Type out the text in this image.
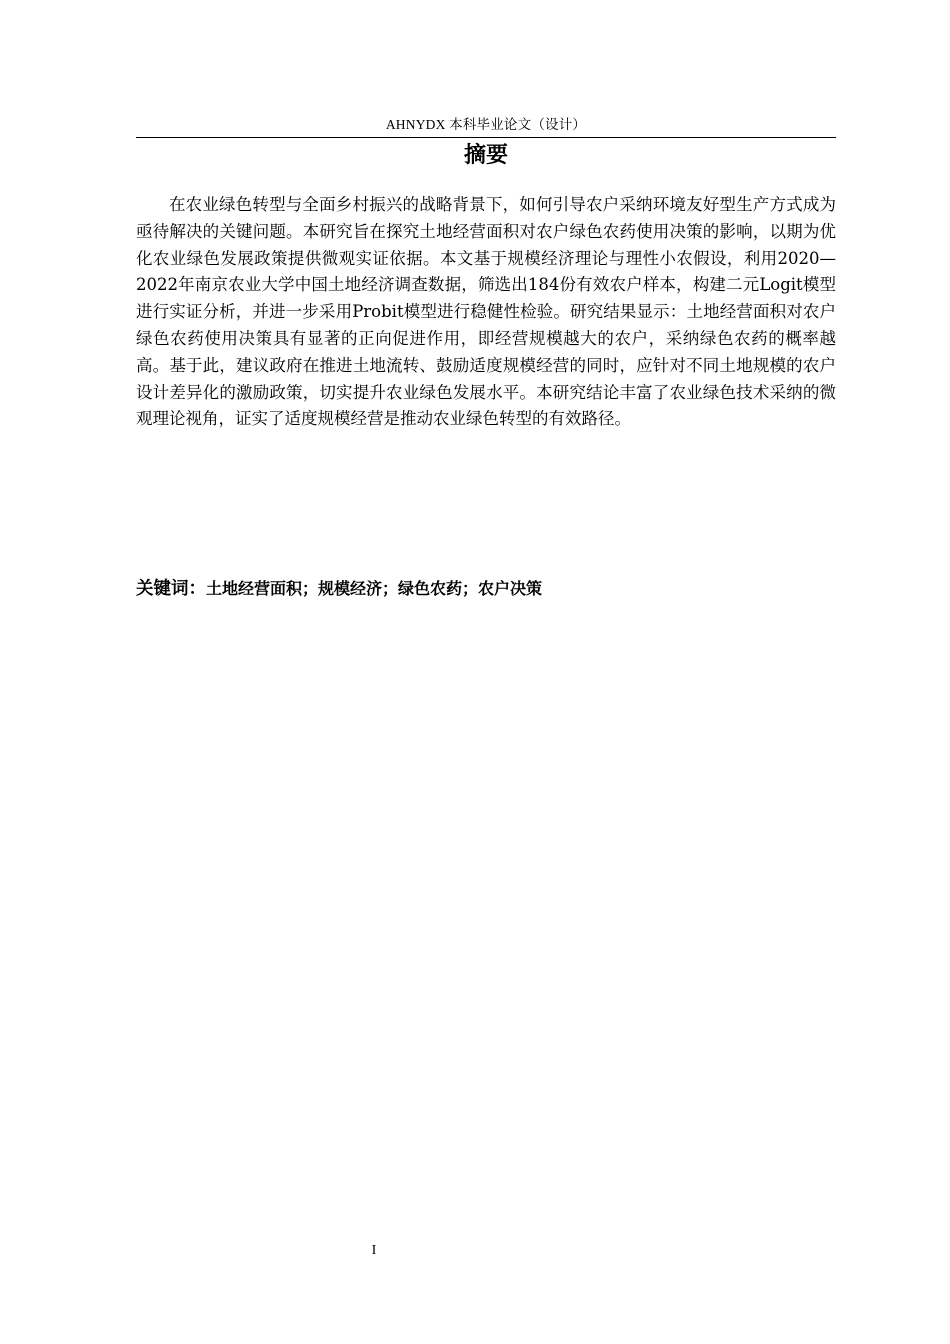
AHNYDX 本科毕业论文（设计）
摘要

在农业绿色转型与全面乡村振兴的战略背景下，如何引导农户采纳环境友好型生产方式成为亟待解决的关键问题。本研究旨在探究土地经营面积对农户绿色农药使用决策的影响，以期为优化农业绿色发展政策提供微观实证依据。本文基于规模经济理论与理性小农假设，利用2020—2022年南京农业大学中国土地经济调查数据，筛选出184份有效农户样本，构建二元Logit模型进行实证分析，并进一步采用Probit模型进行稳健性检验。研究结果显示：土地经营面积对农户绿色农药使用决策具有显著的正向促进作用，即经营规模越大的农户，采纳绿色农药的概率越高。基于此，建议政府在推进土地流转、鼓励适度规模经营的同时，应针对不同土地规模的农户设计差异化的激励政策，切实提升农业绿色发展水平。本研究结论丰富了农业绿色技术采纳的微观理论视角，证实了适度规模经营是推动农业绿色转型的有效路径。

关键词：土地经营面积；规模经济；绿色农药；农户决策
I
